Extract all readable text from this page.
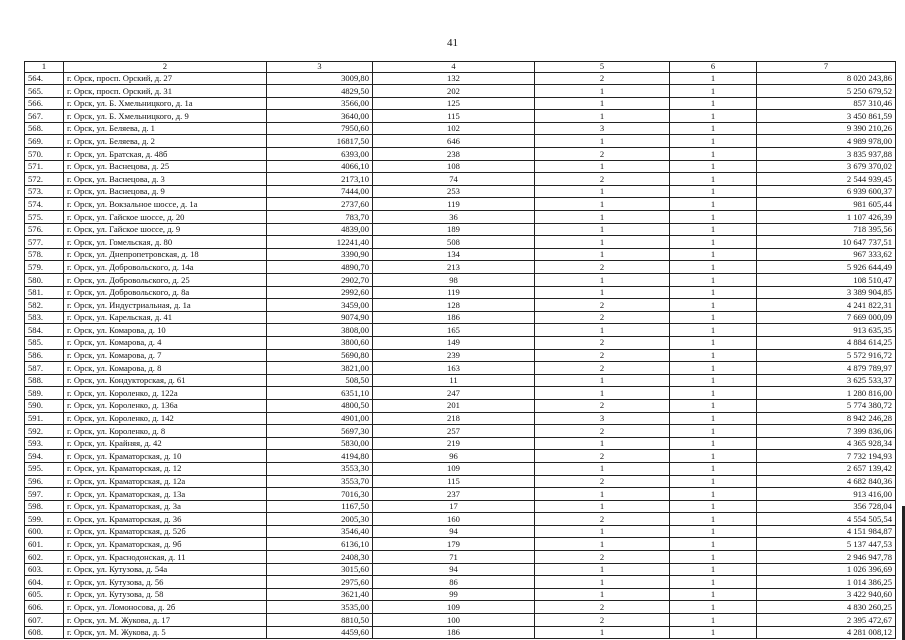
41
1	2	3	4	5	6	7
564.	г. Орск, просп. Орский, д. 27	3009,80	132	2	1	8 020 243,86
565.	г. Орск, просп. Орский, д. 31	4829,50	202	1	1	5 250 679,52
566.	г. Орск, ул. Б. Хмельницкого, д. 1а	3566,00	125	1	1	857 310,46
567.	г. Орск, ул. Б. Хмельницкого, д. 9	3640,00	115	1	1	3 450 861,59
568.	г. Орск, ул. Беляева, д. 1	7950,60	102	3	1	9 390 210,26
569.	г. Орск, ул. Беляева, д. 2	16817,50	646	1	1	4 989 978,00
570.	г. Орск, ул. Братская, д. 48б	6393,00	238	2	1	3 835 937,88
571.	г. Орск, ул. Васнецова, д. 25	4066,10	108	1	1	3 679 370,02
572.	г. Орск, ул. Васнецова, д. 3	2173,10	74	2	1	2 544 939,45
573.	г. Орск, ул. Васнецова, д. 9	7444,00	253	1	1	6 939 600,37
574.	г. Орск, ул. Вокзальное шоссе, д. 1а	2737,60	119	1	1	981 605,44
575.	г. Орск, ул. Гайское шоссе, д. 20	783,70	36	1	1	1 107 426,39
576.	г. Орск, ул. Гайское шоссе, д. 9	4839,00	189	1	1	718 395,56
577.	г. Орск, ул. Гомельская, д. 80	12241,40	508	1	1	10 647 737,51
578.	г. Орск, ул. Днепропетровская, д. 18	3390,90	134	1	1	967 333,62
579.	г. Орск, ул. Добровольского, д. 14а	4890,70	213	2	1	5 926 644,49
580.	г. Орск, ул. Добровольского, д. 25	2902,70	98	1	1	108 510,47
581.	г. Орск, ул. Добровольского, д. 8а	2992,60	119	1	1	3 389 904,85
582.	г. Орск, ул. Индустриальная, д. 1а	3459,00	128	2	1	4 241 822,31
583.	г. Орск, ул. Карельская, д. 41	9074,90	186	2	1	7 669 000,09
584.	г. Орск, ул. Комарова, д. 10	3808,00	165	1	1	913 635,35
585.	г. Орск, ул. Комарова, д. 4	3800,60	149	2	1	4 884 614,25
586.	г. Орск, ул. Комарова, д. 7	5690,80	239	2	1	5 572 916,72
587.	г. Орск, ул. Комарова, д. 8	3821,00	163	2	1	4 879 789,97
588.	г. Орск, ул. Кондукторская, д. 61	508,50	11	1	1	3 625 533,37
589.	г. Орск, ул. Короленко, д. 122а	6351,10	247	1	1	1 280 816,00
590.	г. Орск, ул. Короленко, д. 136а	4800,50	201	2	1	5 774 380,72
591.	г. Орск, ул. Короленко, д. 142	4901,00	218	3	1	8 942 246,28
592.	г. Орск, ул. Короленко, д. 8	5697,30	257	2	1	7 399 836,06
593.	г. Орск, ул. Крайняя, д. 42	5830,00	219	1	1	4 365 928,34
594.	г. Орск, ул. Краматорская, д. 10	4194,80	96	2	1	7 732 194,93
595.	г. Орск, ул. Краматорская, д. 12	3553,30	109	1	1	2 657 139,42
596.	г. Орск, ул. Краматорская, д. 12а	3553,70	115	2	1	4 682 840,36
597.	г. Орск, ул. Краматорская, д. 13а	7016,30	237	1	1	913 416,00
598.	г. Орск, ул. Краматорская, д. 3а	1167,50	17	1	1	356 728,04
599.	г. Орск, ул. Краматорская, д. 36	2005,30	160	2	1	4 554 505,54
600.	г. Орск, ул. Краматорская, д. 52б	3546,40	94	1	1	4 151 984,87
601.	г. Орск, ул. Краматорская, д. 9б	6136,10	179	1	1	5 137 447,53
602.	г. Орск, ул. Краснодонская, д. 11	2408,30	71	2	1	2 946 947,78
603.	г. Орск, ул. Кутузова, д. 54а	3015,60	94	1	1	1 026 396,69
604.	г. Орск, ул. Кутузова, д. 56	2975,60	86	1	1	1 014 386,25
605.	г. Орск, ул. Кутузова, д. 58	3621,40	99	1	1	3 422 940,60
606.	г. Орск, ул. Ломоносова, д. 2б	3535,00	109	2	1	4 830 260,25
607.	г. Орск, ул. М. Жукова, д. 17	8810,50	100	2	1	2 395 472,67
608.	г. Орск, ул. М. Жукова, д. 5	4459,60	186	1	1	4 281 008,12
